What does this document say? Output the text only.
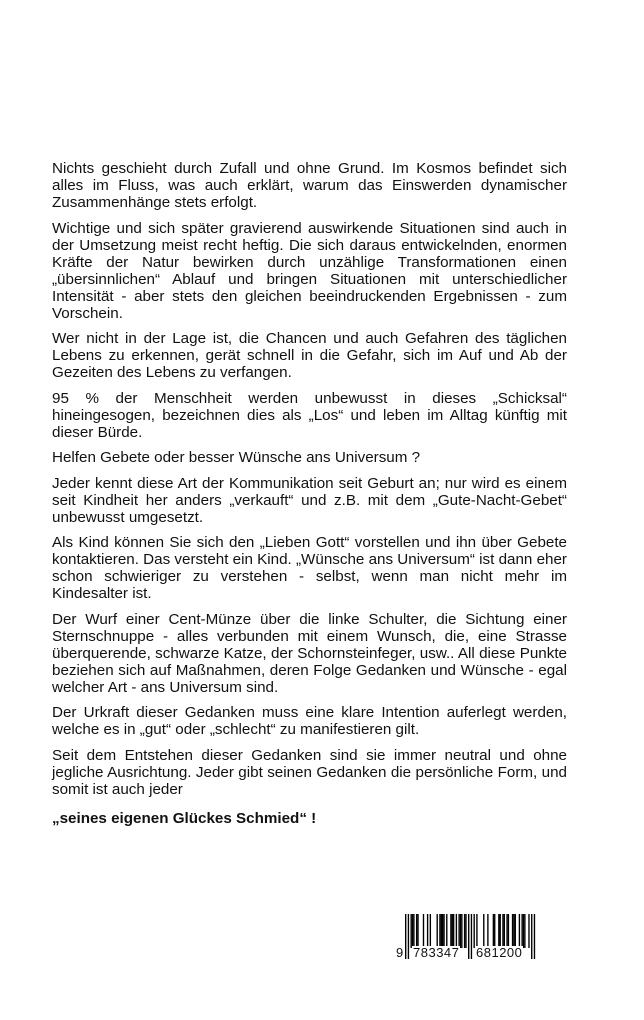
Nichts geschieht durch Zufall und ohne Grund. Im Kosmos befindet sich alles im Fluss, was auch erklärt, warum das Einswerden dynamischer Zusammenhänge stets erfolgt.

Wichtige und sich später gravierend auswirkende Situationen sind auch in der Umsetzung meist recht heftig. Die sich daraus entwickelnden, enormen Kräfte der Natur bewirken durch unzählige Transformationen einen „übersinnlichen“ Ablauf und bringen Situationen mit unterschiedlicher Intensität - aber stets den gleichen beeindruckenden Ergebnissen - zum Vorschein.

Wer nicht in der Lage ist, die Chancen und auch Gefahren des täglichen Lebens zu erkennen, gerät schnell in die Gefahr, sich im Auf und Ab der Gezeiten des Lebens zu verfangen.

95 % der Menschheit werden unbewusst in dieses „Schicksal“ hineingesogen, bezeichnen dies als „Los“ und leben im Alltag künftig mit dieser Bürde.

Helfen Gebete oder besser Wünsche ans Universum ?

Jeder kennt diese Art der Kommunikation seit Geburt an; nur wird es einem seit Kindheit her anders „verkauft“ und z.B. mit dem „Gute-Nacht-Gebet“ unbewusst umgesetzt.

Als Kind können Sie sich den „Lieben Gott“ vorstellen und ihn über Gebete kontaktieren. Das versteht ein Kind. „Wünsche ans Universum“ ist dann eher schon schwieriger zu verstehen - selbst, wenn man nicht mehr im Kindesalter ist.

Der Wurf einer Cent-Münze über die linke Schulter, die Sichtung einer Sternschnuppe - alles verbunden mit einem Wunsch, die, eine Strasse überquerende, schwarze Katze, der Schornsteinfeger, usw.. All diese Punkte beziehen sich auf Maßnahmen, deren Folge Gedanken und Wünsche - egal welcher Art - ans Universum sind.

Der Urkraft dieser Gedanken muss eine klare Intention auferlegt werden, welche es in „gut“ oder „schlecht“ zu manifestieren gilt.

Seit dem Entstehen dieser Gedanken sind sie immer neutral und ohne jegliche Ausrichtung. Jeder gibt seinen Gedanken die persönliche Form, und somit ist auch jeder

„seines eigenen Glückes Schmied“ !

9 783347 681200
